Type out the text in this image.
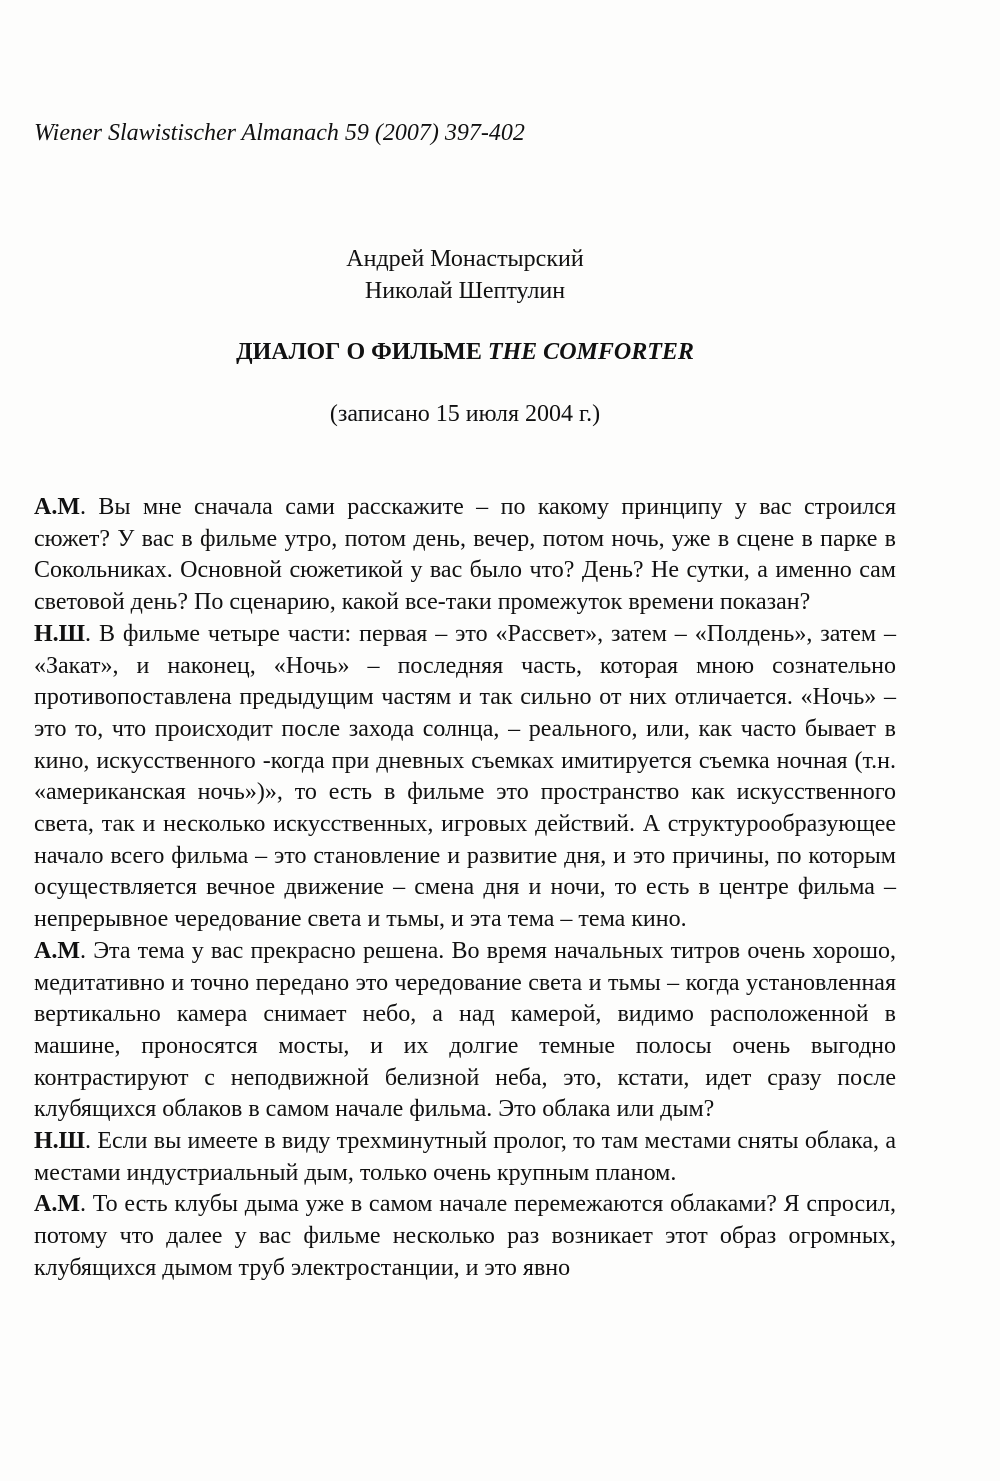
Wiener Slawistischer Almanach 59 (2007) 397-402
Андрей Монастырский
Николай Шептулин
ДИАЛОГ О ФИЛЬМЕ THE COMFORTER
(записано 15 июля 2004 г.)

А.М. Вы мне сначала сами расскажите – по какому принципу у вас строился сюжет? У вас в фильме утро, потом день, вечер, потом ночь, уже в сцене в парке в Сокольниках. Основной сюжетикой у вас было что? День? Не сутки, а именно сам световой день? По сценарию, какой все-таки промежуток времени показан?

Н.Ш. В фильме четыре части: первая – это «Рассвет», затем – «Полдень», затем – «Закат», и наконец, «Ночь» – последняя часть, которая мною сознательно противопоставлена предыдущим частям и так сильно от них отличается. «Ночь» – это то, что происходит после захода солнца, – реального, или, как часто бывает в кино, искусственного -когда при дневных съемках имитируется съемка ночная (т.н. «американская ночь»)», то есть в фильме это пространство как искусственного света, так и несколько искусственных, игровых действий. А структурообразующее начало всего фильма – это становление и развитие дня, и это причины, по которым осуществляется вечное движение – смена дня и ночи, то есть в центре фильма – непрерывное чередование света и тьмы, и эта тема – тема кино.

А.М. Эта тема у вас прекрасно решена. Во время начальных титров очень хорошо, медитативно и точно передано это чередование света и тьмы – когда установленная вертикально камера снимает небо, а над камерой, видимо расположенной в машине, проносятся мосты, и их долгие темные полосы очень выгодно контрастируют с неподвижной белизной неба, это, кстати, идет сразу после клубящихся облаков в самом начале фильма. Это облака или дым?

Н.Ш. Если вы имеете в виду трехминутный пролог, то там местами сняты облака, а местами индустриальный дым, только очень крупным планом.

А.М. То есть клубы дыма уже в самом начале перемежаются облаками? Я спросил, потому что далее у вас фильме несколько раз возникает этот образ огромных, клубящихся дымом труб электростанции, и это явно
